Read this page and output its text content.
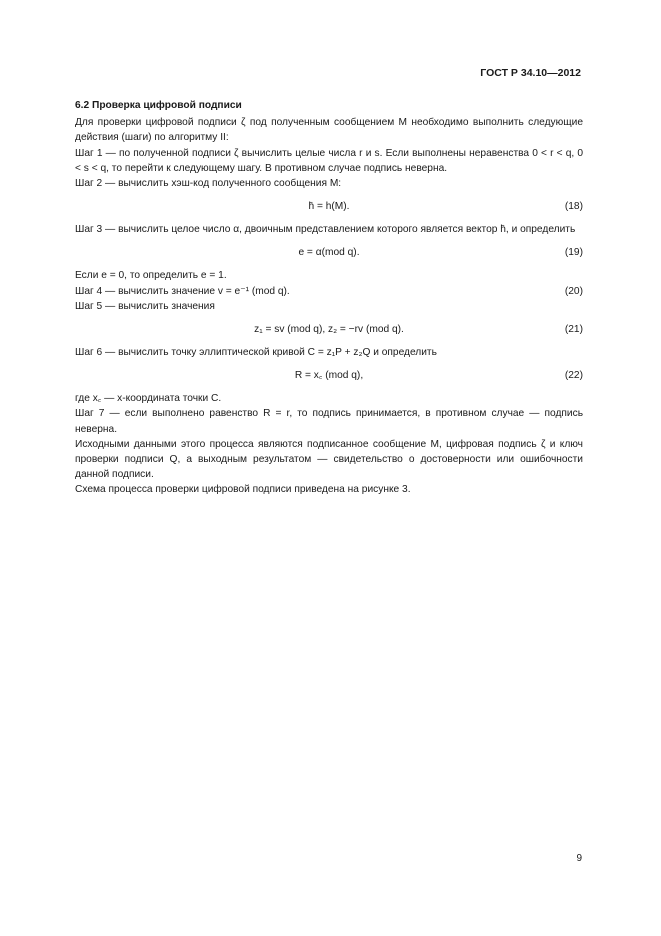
ГОСТ Р 34.10—2012
6.2 Проверка цифровой подписи

Для проверки цифровой подписи ζ под полученным сообщением M необходимо выполнить следующие действия (шаги) по алгоритму II:

Шаг 1 — по полученной подписи ζ вычислить целые числа r и s. Если выполнены неравенства 0 < r < q, 0 < s < q, то перейти к следующему шагу. В противном случае подпись неверна.

Шаг 2 — вычислить хэш-код полученного сообщения M:

h̄ = h(M).	(18)

Шаг 3 — вычислить целое число α, двоичным представлением которого является вектор h̄, и определить

e = α(mod q).	(19)

Если e = 0, то определить e = 1.

Шаг 4 — вычислить значение v = e⁻¹ (mod q).	(20)

Шаг 5 — вычислить значения

z₁ = sv (mod q), z₂ = −rv (mod q).	(21)

Шаг 6 — вычислить точку эллиптической кривой C = z₁P + z₂Q и определить

R = x꜀ (mod q),	(22)

где x꜀ — x-координата точки C.

Шаг 7 — если выполнено равенство R = r, то подпись принимается, в противном случае — подпись неверна.

Исходными данными этого процесса являются подписанное сообщение M, цифровая подпись ζ и ключ проверки подписи Q, а выходным результатом — свидетельство о достоверности или ошибочности данной подписи.

Схема процесса проверки цифровой подписи приведена на рисунке 3.

9
